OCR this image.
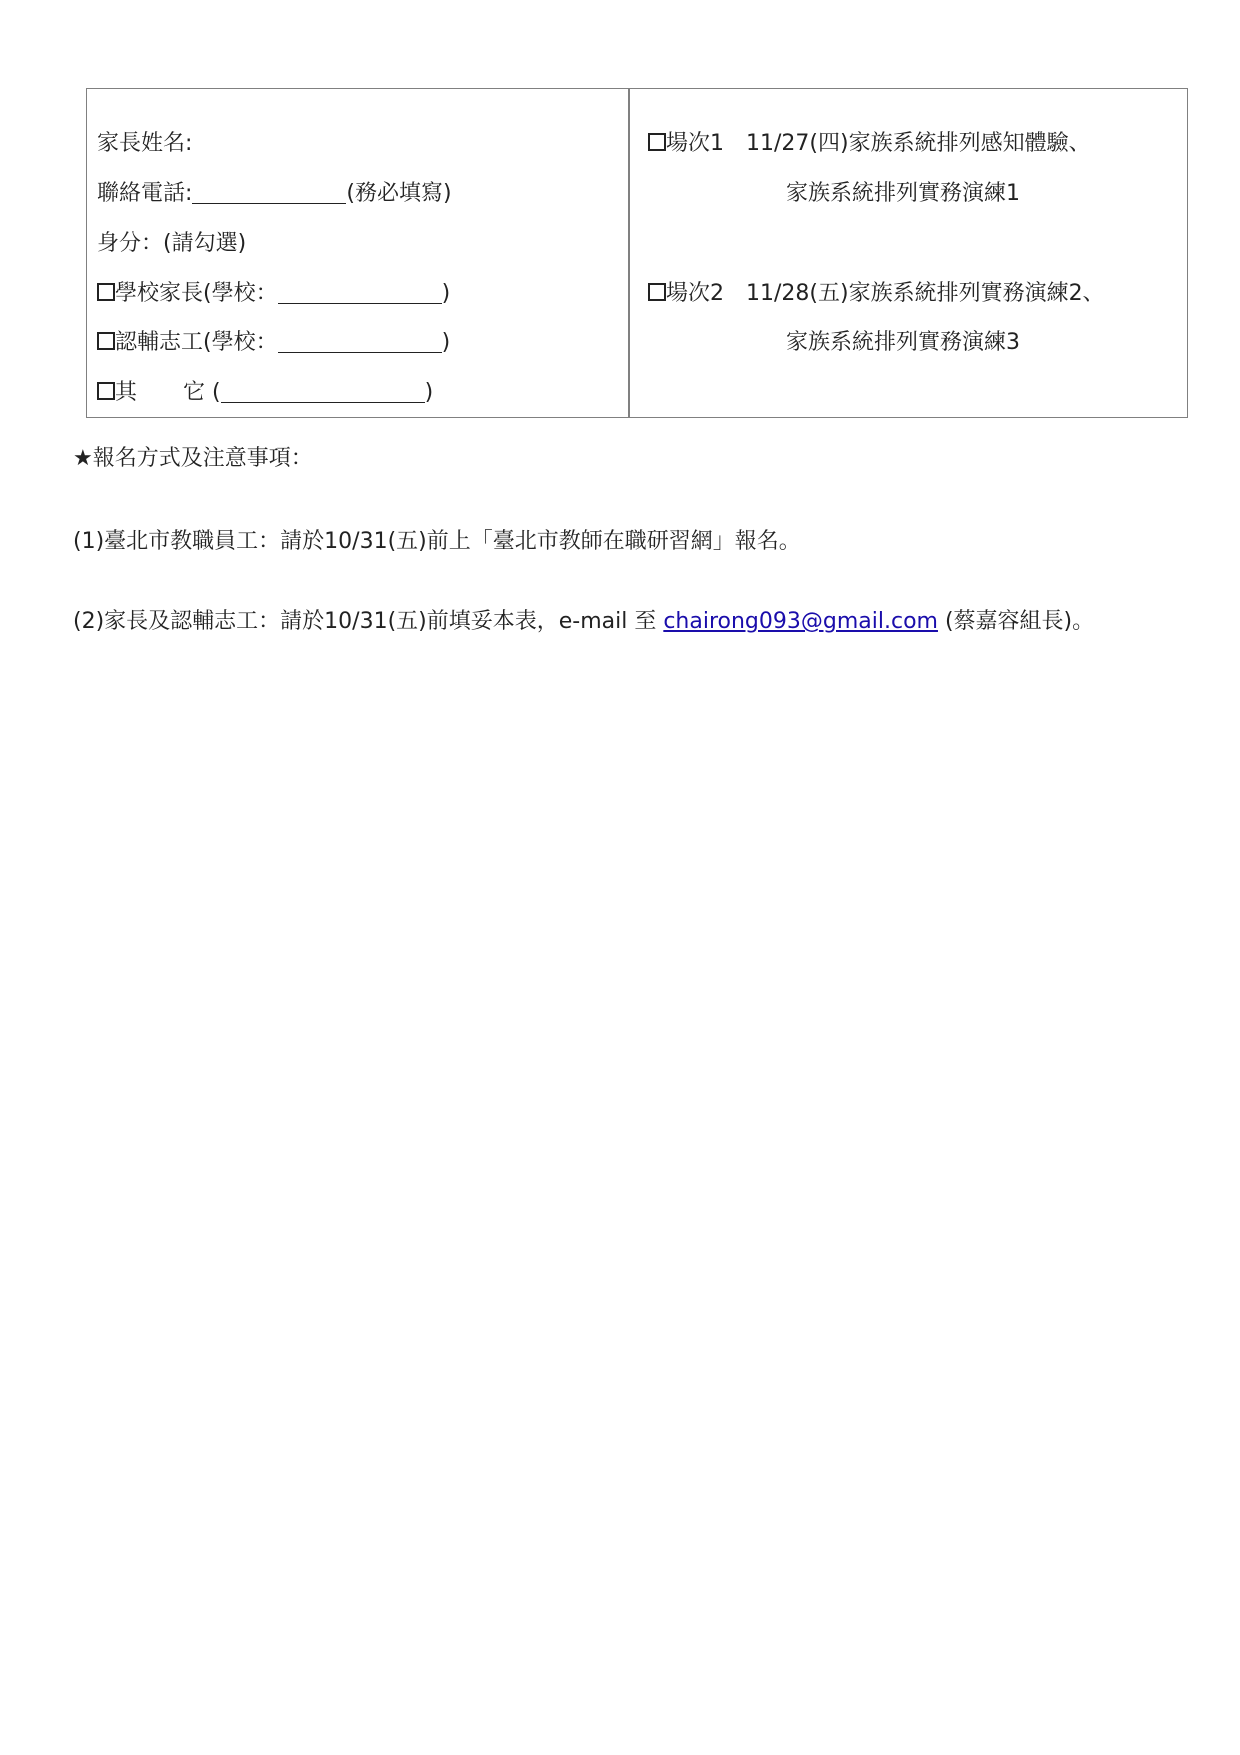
家長姓名:
聯絡電話:	(務必填寫)
身分：(請勾選)
學校家長(學校：	)
認輔志工(學校：	)
其 它 (	)
場次1　11/27(四)家族系統排列感知體驗、
家族系統排列實務演練1
場次2　11/28(五)家族系統排列實務演練2、
家族系統排列實務演練3
★報名方式及注意事項：
(1)臺北市教職員工：請於10/31(五)前上「臺北市教師在職研習網」報名。
(2)家長及認輔志工：請於10/31(五)前填妥本表，e-mail 至 chairong093@gmail.com (蔡嘉容組長)。
